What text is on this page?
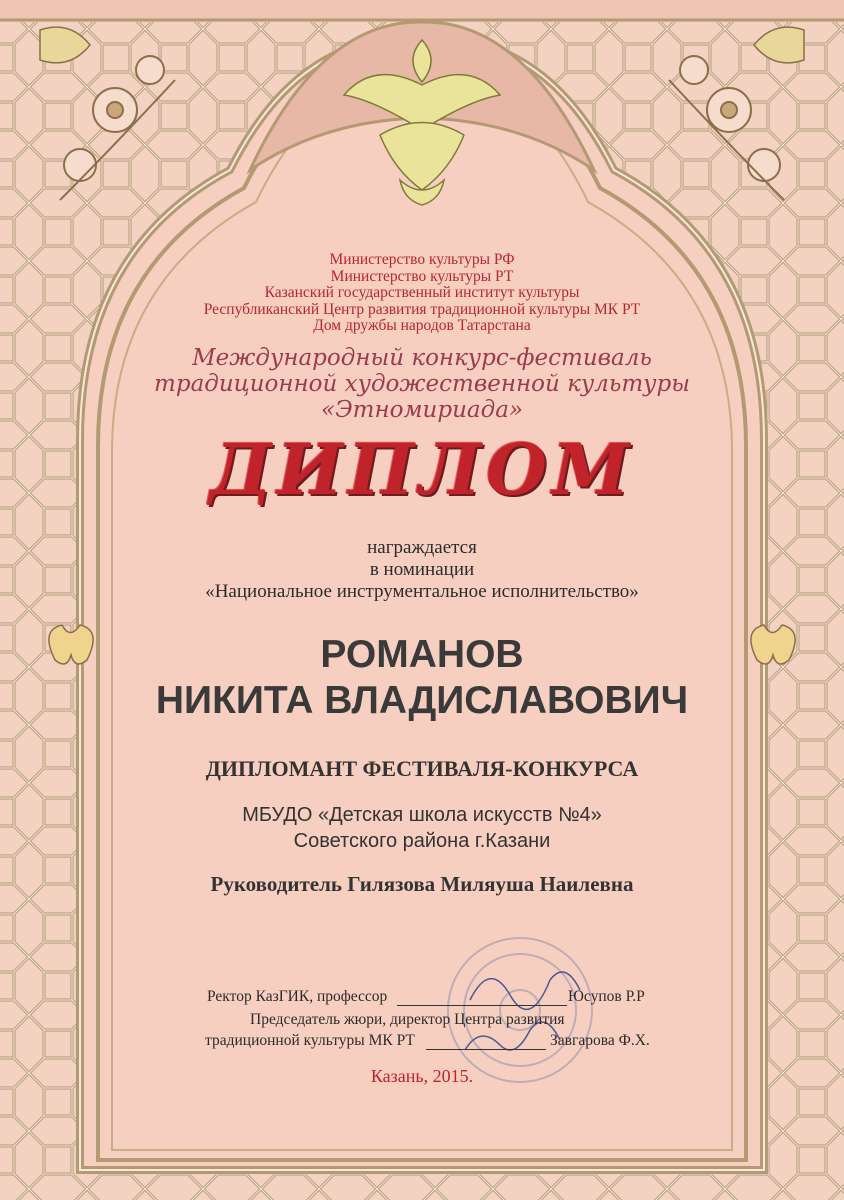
Министерство культуры РФ
Министерство культуры РТ
Казанский государственный институт культуры
Республиканский Центр развития традиционной культуры МК РТ
Дом дружбы народов Татарстана
Международный конкурс-фестиваль
традиционной художественной культуры
«Этномириада»
ДИПЛОМ
награждается
в номинации
«Национальное инструментальное исполнительство»
РОМАНОВ
НИКИТА ВЛАДИСЛАВОВИЧ
ДИПЛОМАНТ ФЕСТИВАЛЯ-КОНКУРСА
МБУДО «Детская школа искусств №4»
Советского района г.Казани
Руководитель Гилязова Миляуша Наилевна
Ректор КазГИК, профессор	Юсупов Р.Р
Председатель жюри, директор Центра развития
традиционной культуры МК РТ	Завгарова Ф.Х.
Казань, 2015.
